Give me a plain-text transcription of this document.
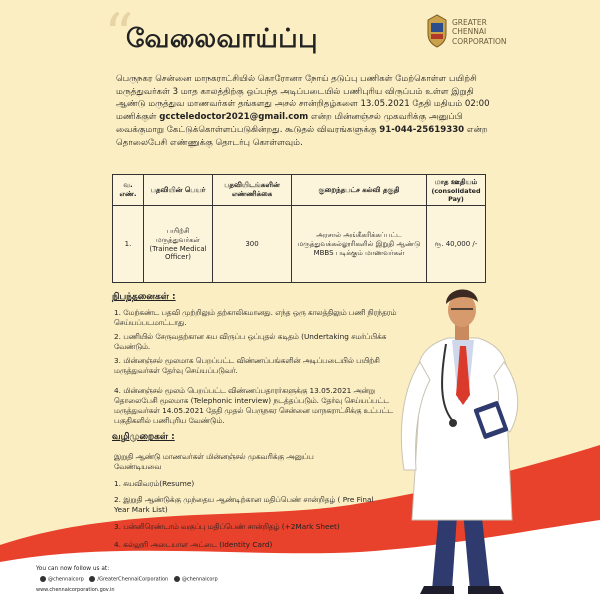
“
வேலைவாய்ப்பு
GREATER
CHENNAI
CORPORATION
பெருநகர சென்னை மாநகராட்சியில் கொரோனா நோய் தடுப்பு பணிகள் மேற்கொள்ள பயிற்சி மருத்துவர்கள் 3 மாத காலத்திற்கு ஒப்பந்த அடிப்படையில் பணிபுரிய விருப்பம் உள்ள இறுதி ஆண்டு மருத்துவ மாணவர்கள் தங்களது அசல் சான்றிதழ்களை 13.05.2021 தேதி மதியம் 02:00 மணிக்குள் gccteledoctor2021@gmail.com என்ற மின்னஞ்சல் முகவரிக்கு அனுப்பி வைக்குமாறு கேட்டுக்கொள்ளப்படுகின்றது. கூடுதல் விவரங்களுக்கு 91-044-25619330 என்ற தொலைபேசி எண்ணுக்கு தொடர்பு கொள்ளவும்.
வ. எண்.	பதவியின் பெயர்	பதவியிடங்களின் எண்ணிக்கை	குறைந்தபட்ச கல்வி தகுதி	மாத ஊதியம்
(consolidated Pay)

1.	பயிற்சி மருத்துவர்கள் (Trainee Medical Officer)	300	அரசால் அங்கீகரிக்கப்பட்ட மருத்துவக்கல்லூரிகளில் இறுதி ஆண்டு MBBS படிக்கும் மாணவர்கள்	ரூ. 40,000 /-
நிபந்தனைகள் :
1. மேற்கண்ட பதவி முற்றிலும் தற்காலிகமானது. எந்த ஒரு காலத்திலும் பணி நிரந்தரம் செய்யப்படமாட்டாது.
2. பணியில் சேருவதற்கான சுய விருப்ப ஒப்புதல் கடிதம் (Undertaking சமர்ப்பிக்க வேண்டும்.
3. மின்னஞ்சல் மூலமாக பெறப்பட்ட விண்ணப்பங்களின் அடிப்படையில் பயிற்சி மருத்துவர்கள் தேர்வு செய்யப்படுவர்.
4. மின்னஞ்சல் மூலம் பெறப்பட்ட விண்ணப்பதாரர்களுக்கு 13.05.2021 அன்று தொலைபேசி மூலமாக (Telephonic interview) நடத்தப்படும். தேர்வு செய்யப்பட்ட மருத்துவர்கள் 14.05.2021 தேதி முதல் பெருநகர சென்னை மாநகராட்சிக்கு உட்பட்ட பகுதிகளில் பணிபுரிய வேண்டும்.
வழிமுறைகள் :
இறுதி ஆண்டு மாணவர்கள் மின்னஞ்சல் முகவரிக்கு அனுப்ப வேண்டியவை
1. சுயவிவரம்(Resume)
2. இறுதி ஆண்டுக்கு முந்தைய ஆண்டிற்கான மதிப்பெண் சான்றிதழ் ( Pre Final Year Mark List)
3. பன்னிரெண்டாம் வகுப்பு மதிப்பெண் சான்றிதழ் (+2Mark Sheet)
4. கல்லூரி அடையாள அட்டை (Identity Card)
You can now follow us at:
@chennaicorp	/GreaterChennaiCorporation	@chennaicorp
www.chennaicorporation.gov.in
